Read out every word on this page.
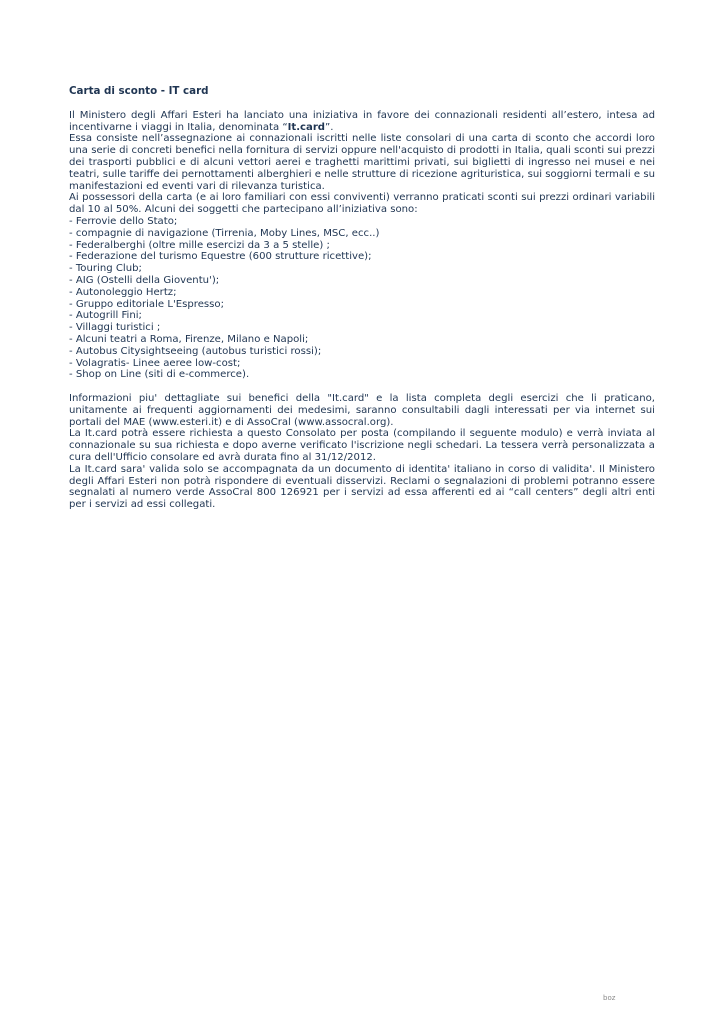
Carta di sconto - IT card

Il Ministero degli Affari Esteri ha lanciato una iniziativa in favore dei connazionali residenti all’estero, intesa ad incentivarne i viaggi in Italia, denominata “It.card”.

Essa consiste nell’assegnazione ai connazionali iscritti nelle liste consolari di una carta di sconto che accordi loro una serie di concreti benefici nella fornitura di servizi oppure nell'acquisto di prodotti in Italia, quali sconti sui prezzi dei trasporti pubblici e di alcuni vettori aerei e traghetti marittimi privati, sui biglietti di ingresso nei musei e nei teatri, sulle tariffe dei pernottamenti alberghieri e nelle strutture di ricezione agrituristica, sui soggiorni termali e su manifestazioni ed eventi vari di rilevanza turistica.

Ai possessori della carta (e ai loro familiari con essi conviventi) verranno praticati sconti sui prezzi ordinari variabili dal 10 al 50%. Alcuni dei soggetti che partecipano all’iniziativa sono:

- Ferrovie dello Stato;
- compagnie di navigazione (Tirrenia, Moby Lines, MSC, ecc..)
- Federalberghi (oltre mille esercizi da 3 a 5 stelle) ;
- Federazione del turismo Equestre (600 strutture ricettive);
- Touring Club;
- AIG (Ostelli della Gioventu');
- Autonoleggio Hertz;
- Gruppo editoriale L'Espresso;
- Autogrill Fini;
- Villaggi turistici ;
- Alcuni teatri a Roma, Firenze, Milano e Napoli;
- Autobus Citysightseeing (autobus turistici rossi);
- Volagratis- Linee aeree low-cost;
- Shop on Line (siti di e-commerce).

Informazioni piu' dettagliate sui benefici della "It.card" e la lista completa degli esercizi che li praticano, unitamente ai frequenti aggiornamenti dei medesimi, saranno consultabili dagli interessati per via internet sui portali del MAE (www.esteri.it) e di AssoCral (www.assocral.org).

La It.card potrà essere richiesta a questo Consolato per posta (compilando il seguente modulo) e verrà inviata al connazionale su sua richiesta e dopo averne verificato l'iscrizione negli schedari. La tessera verrà personalizzata a cura dell'Ufficio consolare ed avrà durata fino al 31/12/2012.

La It.card sara' valida solo se accompagnata da un documento di identita' italiano in corso di validita'. Il Ministero degli Affari Esteri non potrà rispondere di eventuali disservizi. Reclami o segnalazioni di problemi potranno essere segnalati al numero verde AssoCral 800 126921 per i servizi ad essa afferenti ed ai “call centers” degli altri enti per i servizi ad essi collegati.

boz
